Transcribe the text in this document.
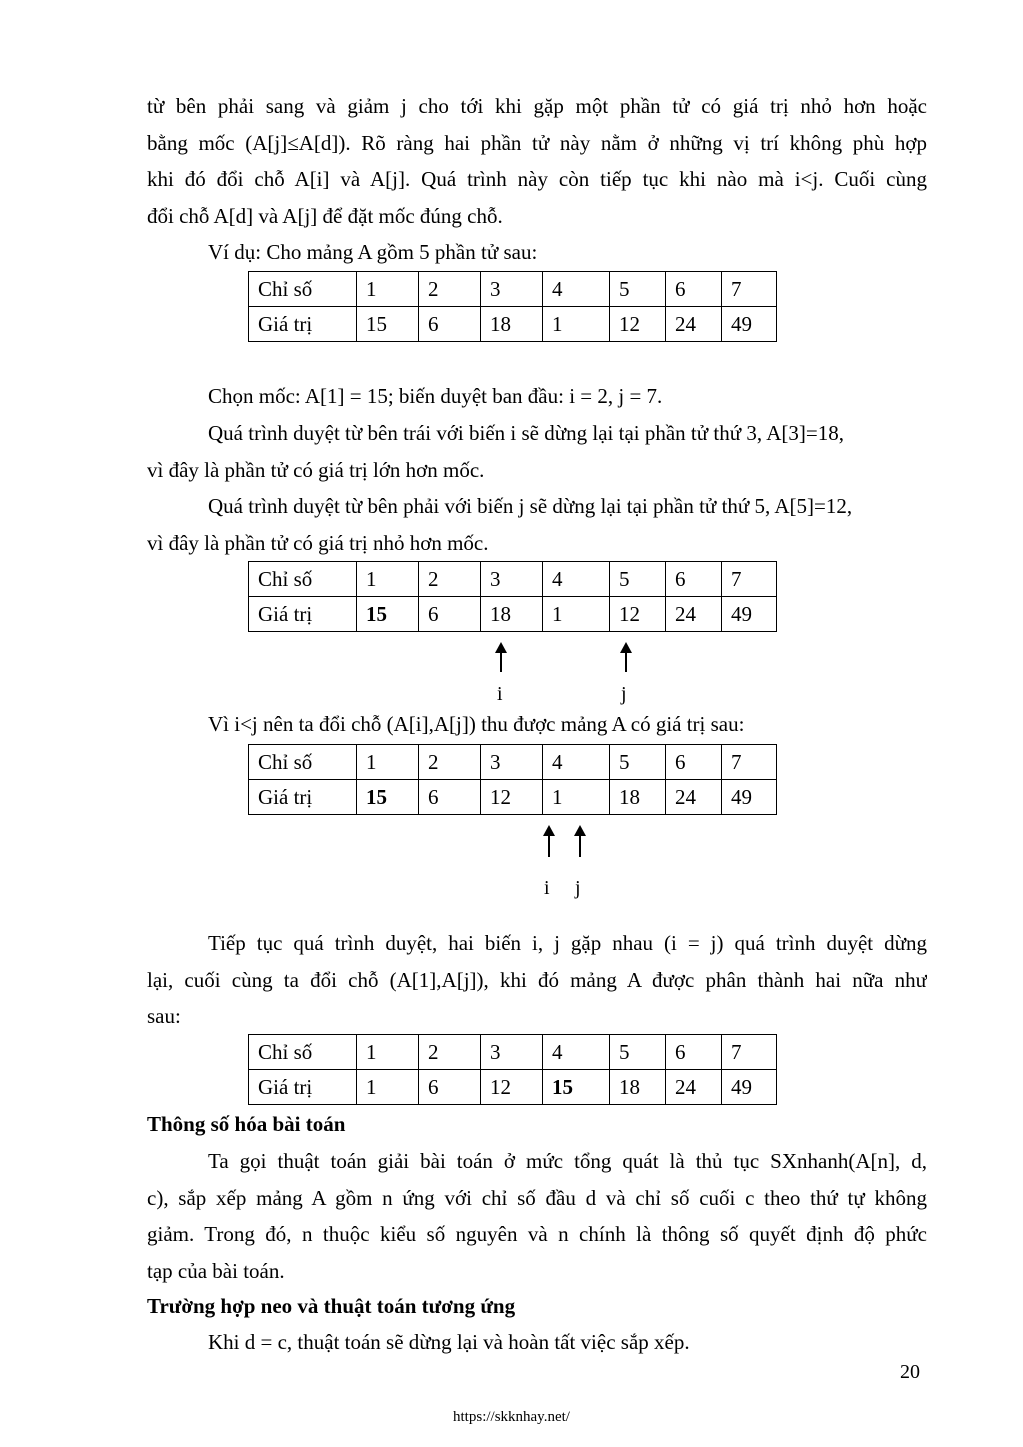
từ bên phải sang và giảm j cho tới khi gặp một phần tử có giá trị nhỏ hơn hoặc
bằng mốc (A[j]≤A[d]). Rõ ràng hai phần tử này nằm ở những vị trí không phù hợp
khi đó đổi chỗ A[i] và A[j]. Quá trình này còn tiếp tục khi nào mà i<j. Cuối cùng
đổi chỗ A[d] và A[j] để đặt mốc đúng chỗ.

Ví dụ: Cho mảng A gồm 5 phần tử sau:

Chỉ số	1	2	3	4	5	6	7
Giá trị	15	6	18	1	12	24	49

Chọn mốc: A[1] = 15; biến duyệt ban đầu: i = 2, j = 7.

Quá trình duyệt từ bên trái với biến i sẽ dừng lại tại phần tử thứ 3, A[3]=18,
vì đây là phần tử có giá trị lớn hơn mốc.
Quá trình duyệt từ bên phải với biến j sẽ dừng lại tại phần tử thứ 5, A[5]=12,
vì đây là phần tử có giá trị nhỏ hơn mốc.
Chỉ số	1	2	3	4	5	6	7
Giá trị	15	6	18	1	12	24	49
i	j

Vì i<j nên ta đổi chỗ (A[i],A[j]) thu được mảng A có giá trị sau:

Chỉ số	1	2	3	4	5	6	7
Giá trị	15	6	12	1	18	24	49
i j
Tiếp tục quá trình duyệt, hai biến i, j gặp nhau (i = j) quá trình duyệt dừng
lại, cuối cùng ta đổi chỗ (A[1],A[j]), khi đó mảng A được phân thành hai nữa như
sau:
Chỉ số	1	2	3	4	5	6	7
Giá trị	1	6	12	15	18	24	49

Thông số hóa bài toán

Ta gọi thuật toán giải bài toán ở mức tổng quát là thủ tục SXnhanh(A[n], d,
c), sắp xếp mảng A gồm n ứng với chỉ số đầu d và chỉ số cuối c theo thứ tự không
giảm. Trong đó, n thuộc kiểu số nguyên và n chính là thông số quyết định độ phức
tạp của bài toán.

Trường hợp neo và thuật toán tương ứng

Khi d = c, thuật toán sẽ dừng lại và hoàn tất việc sắp xếp.

20
https://skknhay.net/
